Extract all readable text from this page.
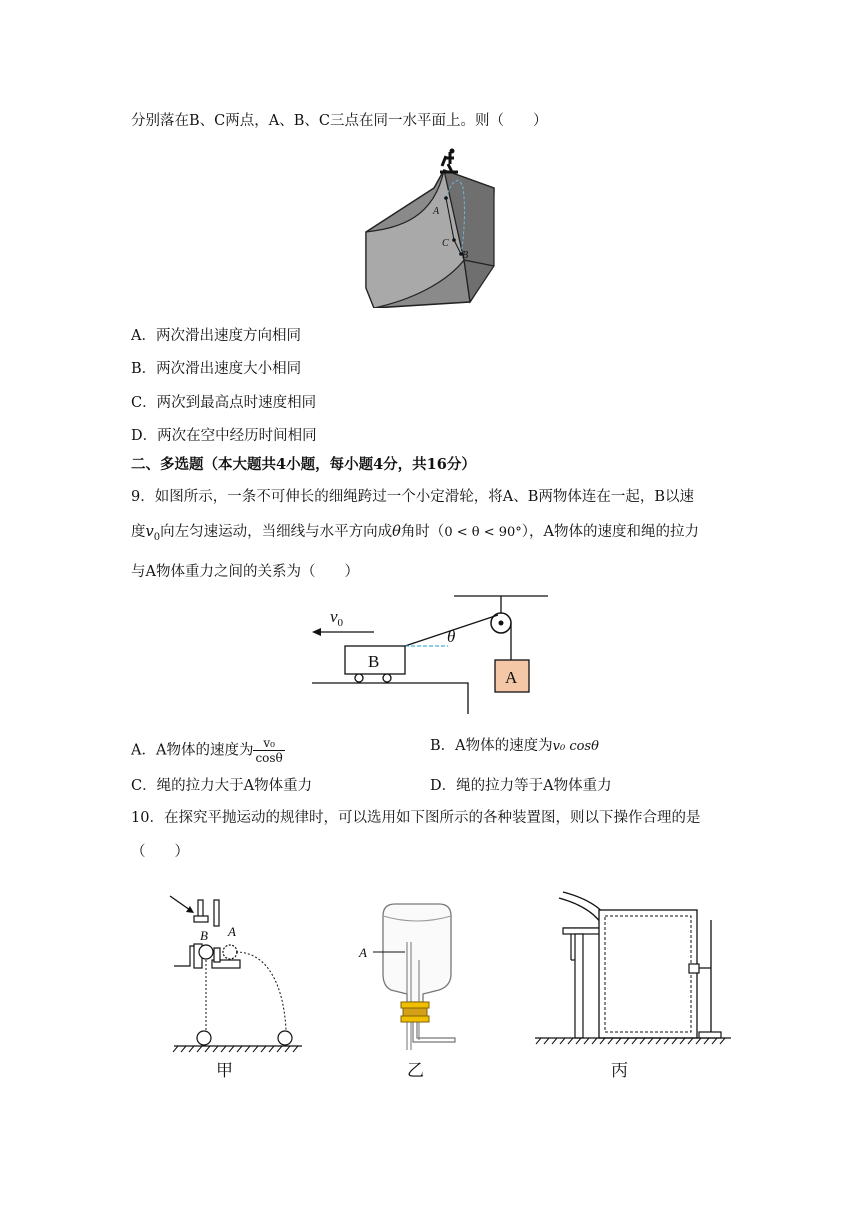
分别落在B、C两点，A、B、C三点在同一水平面上。则（　　）
A
C
B
A．两次滑出速度方向相同
B．两次滑出速度大小相同
C．两次到最高点时速度相同
D．两次在空中经历时间相同
二、多选题（本大题共4小题，每小题4分，共16分）
9．如图所示，一条不可伸长的细绳跨过一个小定滑轮，将A、B两物体连在一起，B以速
度$v_0$向左匀速运动，当细线与水平方向成θ角时（0 < θ < 90°），A物体的速度和绳的拉力
与A物体重力之间的关系为（　　）
A
θ
B
$v_0$
A．A物体的速度为 $\frac{\text{v₀}}{\cos\theta}$	B．A物体的速度为v₀ cosθ
C．绳的拉力大于A物体重力	D．绳的拉力等于A物体重力
10．在探究平抛运动的规律时，可以选用如下图所示的各种装置图，则以下操作合理的是
（　　）
B A
甲
A
乙	丙
